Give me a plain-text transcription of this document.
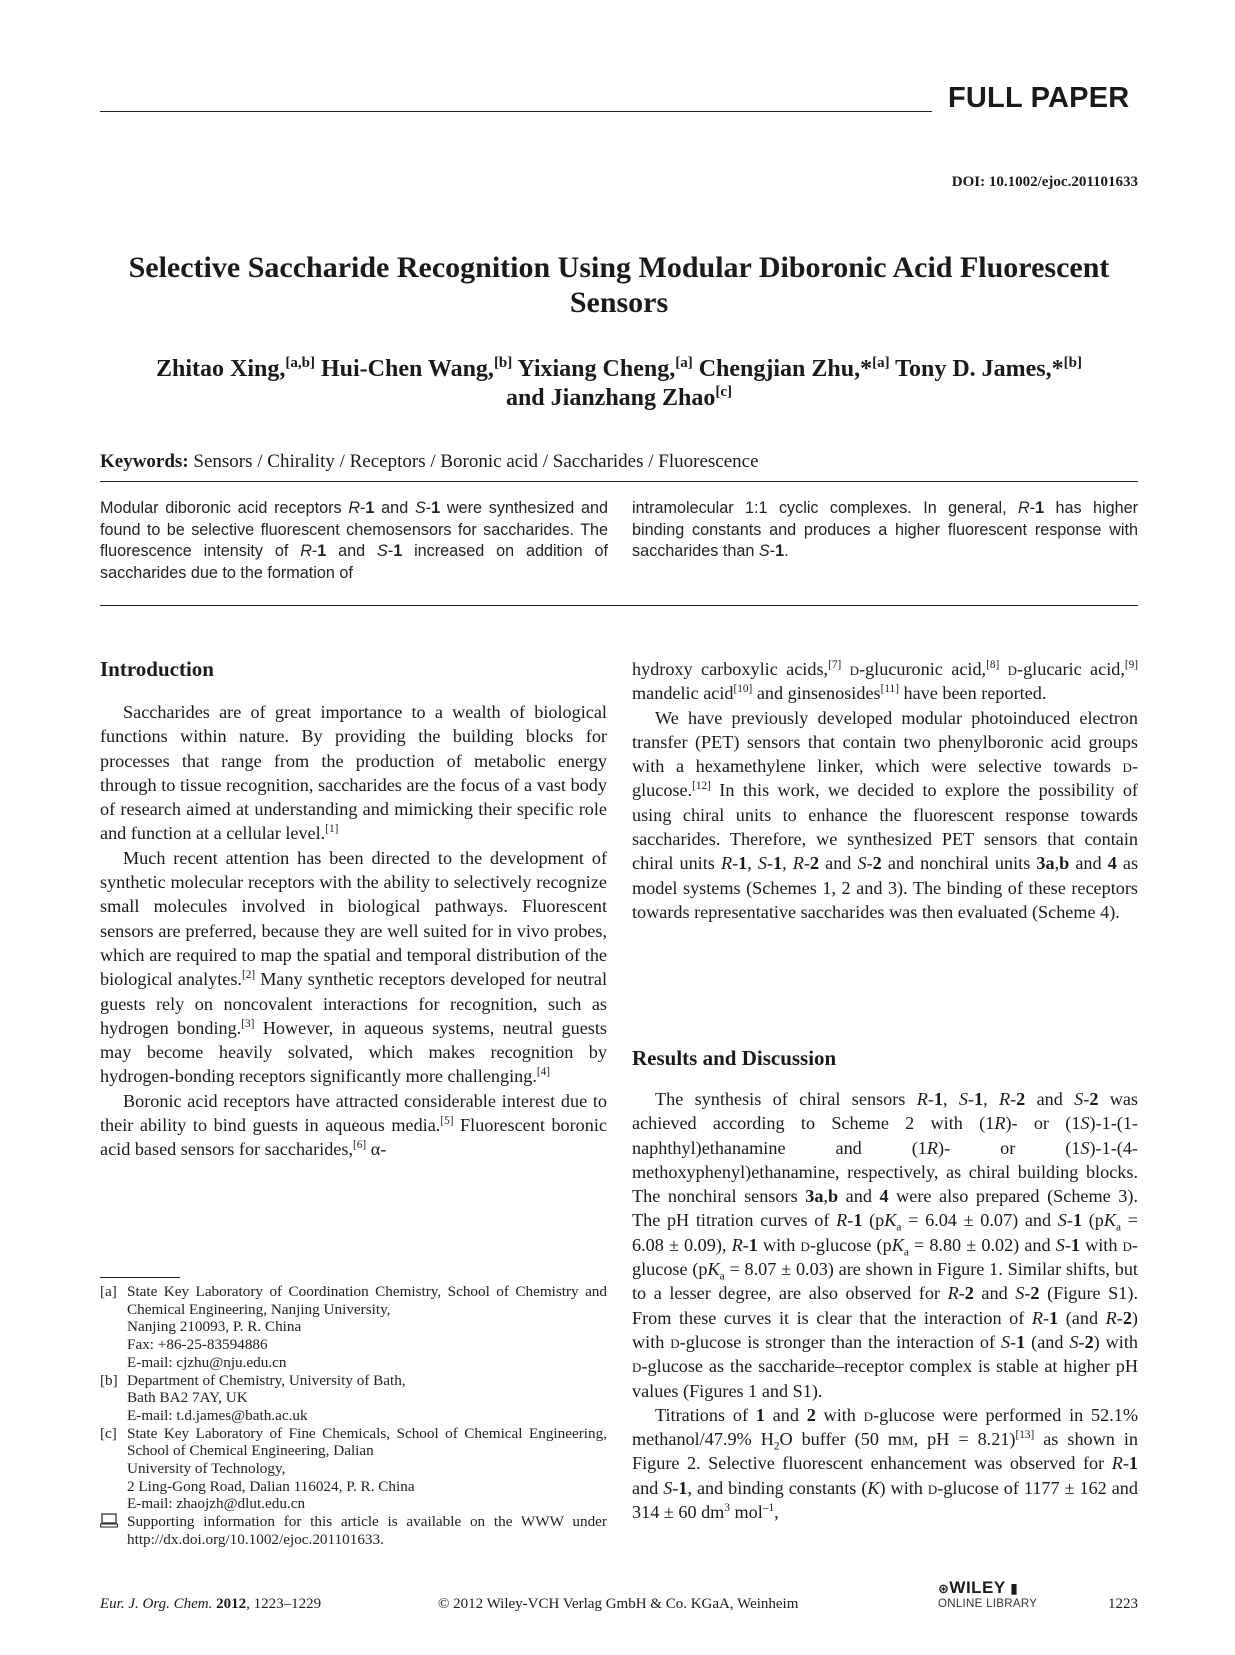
FULL PAPER
DOI: 10.1002/ejoc.201101633
Selective Saccharide Recognition Using Modular Diboronic Acid Fluorescent Sensors
Zhitao Xing,[a,b] Hui-Chen Wang,[b] Yixiang Cheng,[a] Chengjian Zhu,*[a] Tony D. James,*[b]
and Jianzhang Zhao[c]
Keywords: Sensors / Chirality / Receptors / Boronic acid / Saccharides / Fluorescence
Modular diboronic acid receptors R-1 and S-1 were synthesized and found to be selective fluorescent chemosensors for saccharides. The fluorescence intensity of R-1 and S-1 increased on addition of saccharides due to the formation of
intramolecular 1:1 cyclic complexes. In general, R-1 has higher binding constants and produces a higher fluorescent response with saccharides than S-1.
Introduction

Saccharides are of great importance to a wealth of biological functions within nature. By providing the building blocks for processes that range from the production of metabolic energy through to tissue recognition, saccharides are the focus of a vast body of research aimed at understanding and mimicking their specific role and function at a cellular level.[1]

Much recent attention has been directed to the development of synthetic molecular receptors with the ability to selectively recognize small molecules involved in biological pathways. Fluorescent sensors are preferred, because they are well suited for in vivo probes, which are required to map the spatial and temporal distribution of the biological analytes.[2] Many synthetic receptors developed for neutral guests rely on noncovalent interactions for recognition, such as hydrogen bonding.[3] However, in aqueous systems, neutral guests may become heavily solvated, which makes recognition by hydrogen-bonding receptors significantly more challenging.[4]

Boronic acid receptors have attracted considerable interest due to their ability to bind guests in aqueous media.[5] Fluorescent boronic acid based sensors for saccharides,[6] α-

[a] State Key Laboratory of Coordination Chemistry, School of Chemistry and Chemical Engineering, Nanjing University,
Nanjing 210093, P. R. China
Fax: +86-25-83594886
E-mail: cjzhu@nju.edu.cn
[b] Department of Chemistry, University of Bath,
Bath BA2 7AY, UK
E-mail: t.d.james@bath.ac.uk
[c] State Key Laboratory of Fine Chemicals, School of Chemical Engineering, School of Chemical Engineering, Dalian
University of Technology,
2 Ling-Gong Road, Dalian 116024, P. R. China
E-mail: zhaojzh@dlut.edu.cn
Supporting information for this article is available on the WWW under http://dx.doi.org/10.1002/ejoc.201101633.

hydroxy carboxylic acids,[7] d-glucuronic acid,[8] d-glucaric acid,[9] mandelic acid[10] and ginsenosides[11] have been reported.

We have previously developed modular photoinduced electron transfer (PET) sensors that contain two phenylboronic acid groups with a hexamethylene linker, which were selective towards d-glucose.[12] In this work, we decided to explore the possibility of using chiral units to enhance the fluorescent response towards saccharides. Therefore, we synthesized PET sensors that contain chiral units R-1, S-1, R-2 and S-2 and nonchiral units 3a,b and 4 as model systems (Schemes 1, 2 and 3). The binding of these receptors towards representative saccharides was then evaluated (Scheme 4).

Results and Discussion

The synthesis of chiral sensors R-1, S-1, R-2 and S-2 was achieved according to Scheme 2 with (1R)- or (1S)-1-(1-naphthyl)ethanamine and (1R)- or (1S)-1-(4-methoxyphenyl)ethanamine, respectively, as chiral building blocks. The nonchiral sensors 3a,b and 4 were also prepared (Scheme 3). The pH titration curves of R-1 $(pK_a = 6.04 \pm 0.07)$ and S-1 $(pK_a = 6.08 \pm 0.09)$, R-1 with d-glucose $(pK_a = 8.80 \pm 0.02)$ and S-1 with d-glucose $(pK_a = 8.07 \pm 0.03)$ are shown in Figure 1. Similar shifts, but to a lesser degree, are also observed for R-2 and S-2 (Figure S1). From these curves it is clear that the interaction of R-1 (and R-2) with d-glucose is stronger than the interaction of S-1 (and S-2) with d-glucose as the saccharide–receptor complex is stable at higher pH values (Figures 1 and S1).

Titrations of 1 and 2 with d-glucose were performed in 52.1% methanol/47.9% $H_2O$ buffer (50 mm, pH = 8.21)[13] as shown in Figure 2. Selective fluorescent enhancement was observed for R-1 and S-1, and binding constants (K) with d-glucose of 1177 ± 162 and 314 ± 60 $dm^3$ mol$^{-1}$,

Eur. J. Org. Chem. 2012, 1223–1229	© 2012 Wiley-VCH Verlag GmbH & Co. KGaA, Weinheim
⊛WILEY ▮
ONLINE LIBRARY	1223
